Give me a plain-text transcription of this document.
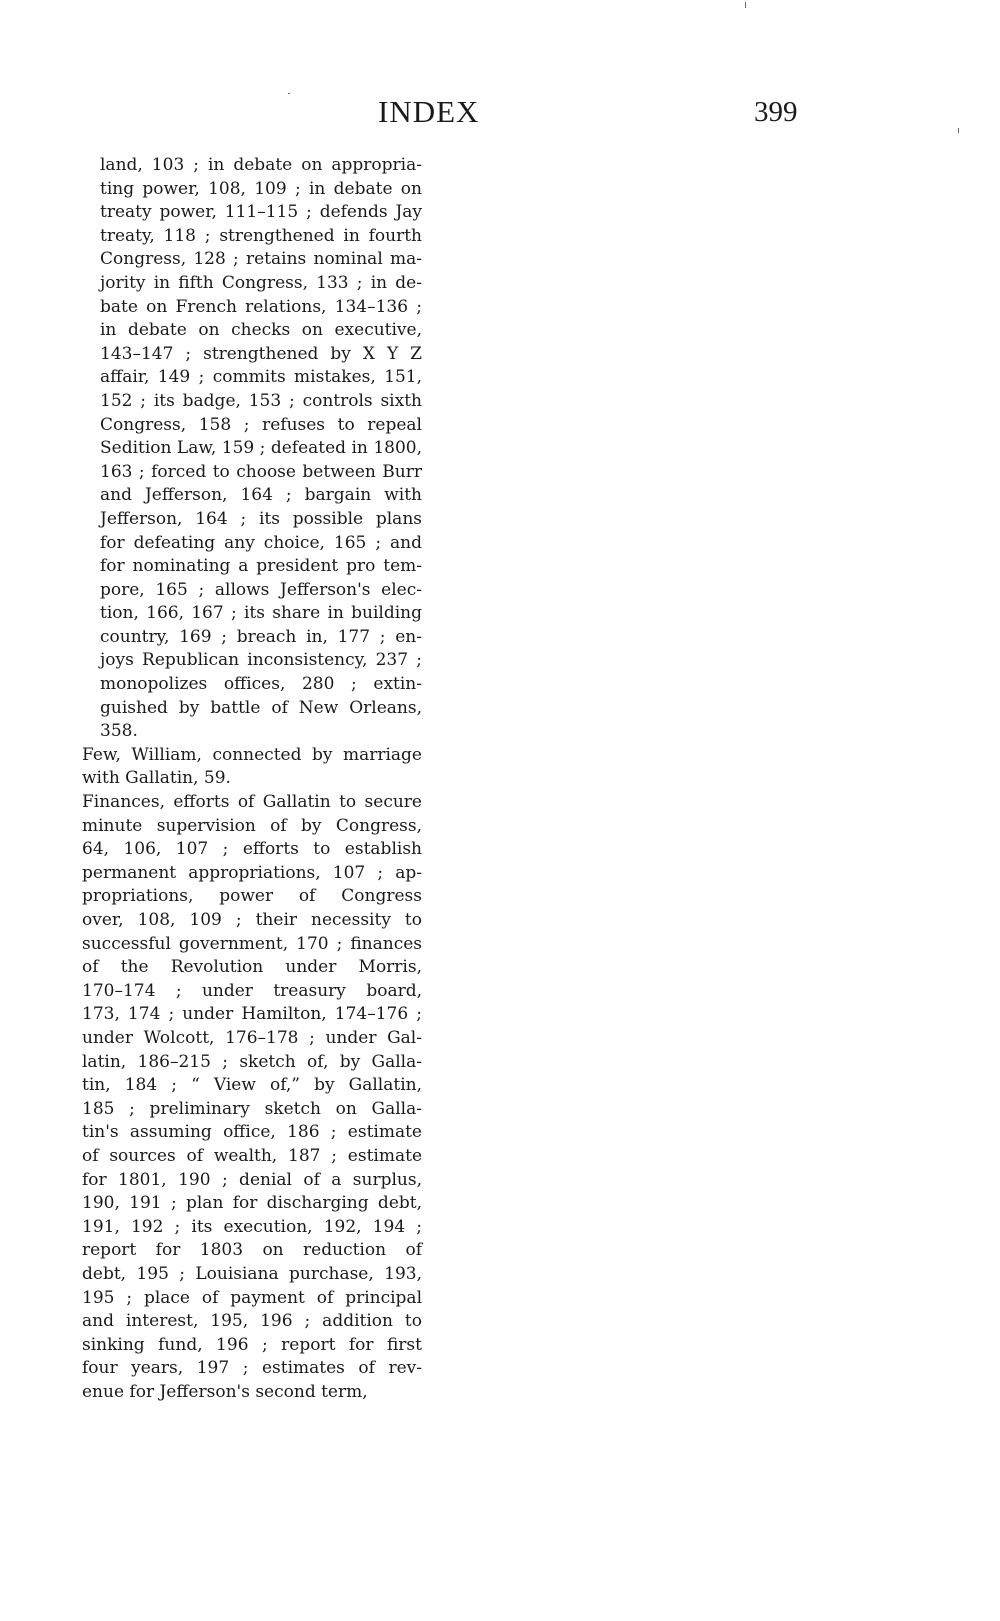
INDEX	399
land, 103 ; in debate on appropria-
ting power, 108, 109 ; in debate on
treaty power, 111–115 ; defends Jay
treaty, 118 ; strengthened in fourth
Congress, 128 ; retains nominal ma-
jority in fifth Congress, 133 ; in de-
bate on French relations, 134–136 ;
in debate on checks on executive,
143–147 ; strengthened by X Y Z
affair, 149 ; commits mistakes, 151,
152 ; its badge, 153 ; controls sixth
Congress, 158 ; refuses to repeal
Sedition Law, 159 ; defeated in 1800,
163 ; forced to choose between Burr
and Jefferson, 164 ; bargain with
Jefferson, 164 ; its possible plans
for defeating any choice, 165 ; and
for nominating a president pro tem-
pore, 165 ; allows Jefferson's elec-
tion, 166, 167 ; its share in building
country, 169 ; breach in, 177 ; en-
joys Republican inconsistency, 237 ;
monopolizes offices, 280 ; extin-
guished by battle of New Orleans,
358.
Few, William, connected by marriage
with Gallatin, 59.
Finances, efforts of Gallatin to secure
minute supervision of by Congress,
64, 106, 107 ; efforts to establish
permanent appropriations, 107 ; ap-
propriations, power of Congress
over, 108, 109 ; their necessity to
successful government, 170 ; finances
of the Revolution under Morris,
170–174 ; under treasury board,
173, 174 ; under Hamilton, 174–176 ;
under Wolcott, 176–178 ; under Gal-
latin, 186–215 ; sketch of, by Galla-
tin, 184 ; “ View of,” by Gallatin,
185 ; preliminary sketch on Galla-
tin's assuming office, 186 ; estimate
of sources of wealth, 187 ; estimate
for 1801, 190 ; denial of a surplus,
190, 191 ; plan for discharging debt,
191, 192 ; its execution, 192, 194 ;
report for 1803 on reduction of
debt, 195 ; Louisiana purchase, 193,
195 ; place of payment of principal
and interest, 195, 196 ; addition to
sinking fund, 196 ; report for first
four years, 197 ; estimates of rev-
enue for Jefferson's second term,
